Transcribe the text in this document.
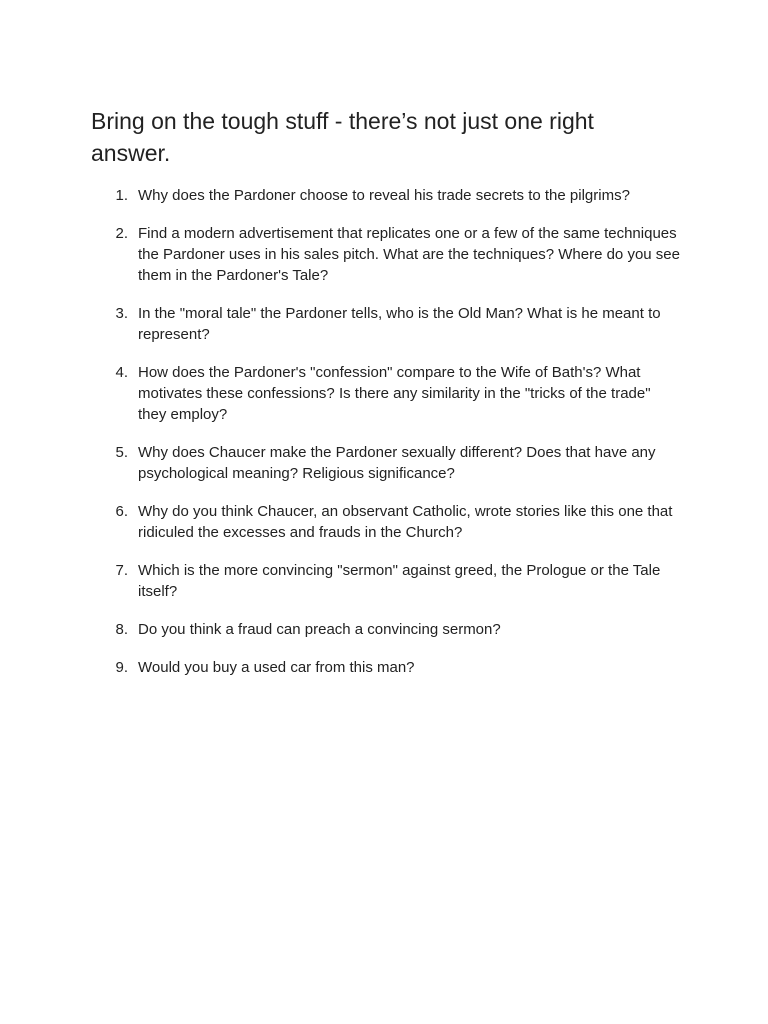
Bring on the tough stuff - there’s not just one right answer.
1. Why does the Pardoner choose to reveal his trade secrets to the pilgrims?
2. Find a modern advertisement that replicates one or a few of the same techniques the Pardoner uses in his sales pitch. What are the techniques? Where do you see them in the Pardoner's Tale?
3. In the "moral tale" the Pardoner tells, who is the Old Man? What is he meant to represent?
4. How does the Pardoner's "confession" compare to the Wife of Bath's? What motivates these confessions? Is there any similarity in the "tricks of the trade" they employ?
5. Why does Chaucer make the Pardoner sexually different? Does that have any psychological meaning? Religious significance?
6. Why do you think Chaucer, an observant Catholic, wrote stories like this one that ridiculed the excesses and frauds in the Church?
7. Which is the more convincing "sermon" against greed, the Prologue or the Tale itself?
8. Do you think a fraud can preach a convincing sermon?
9. Would you buy a used car from this man?
